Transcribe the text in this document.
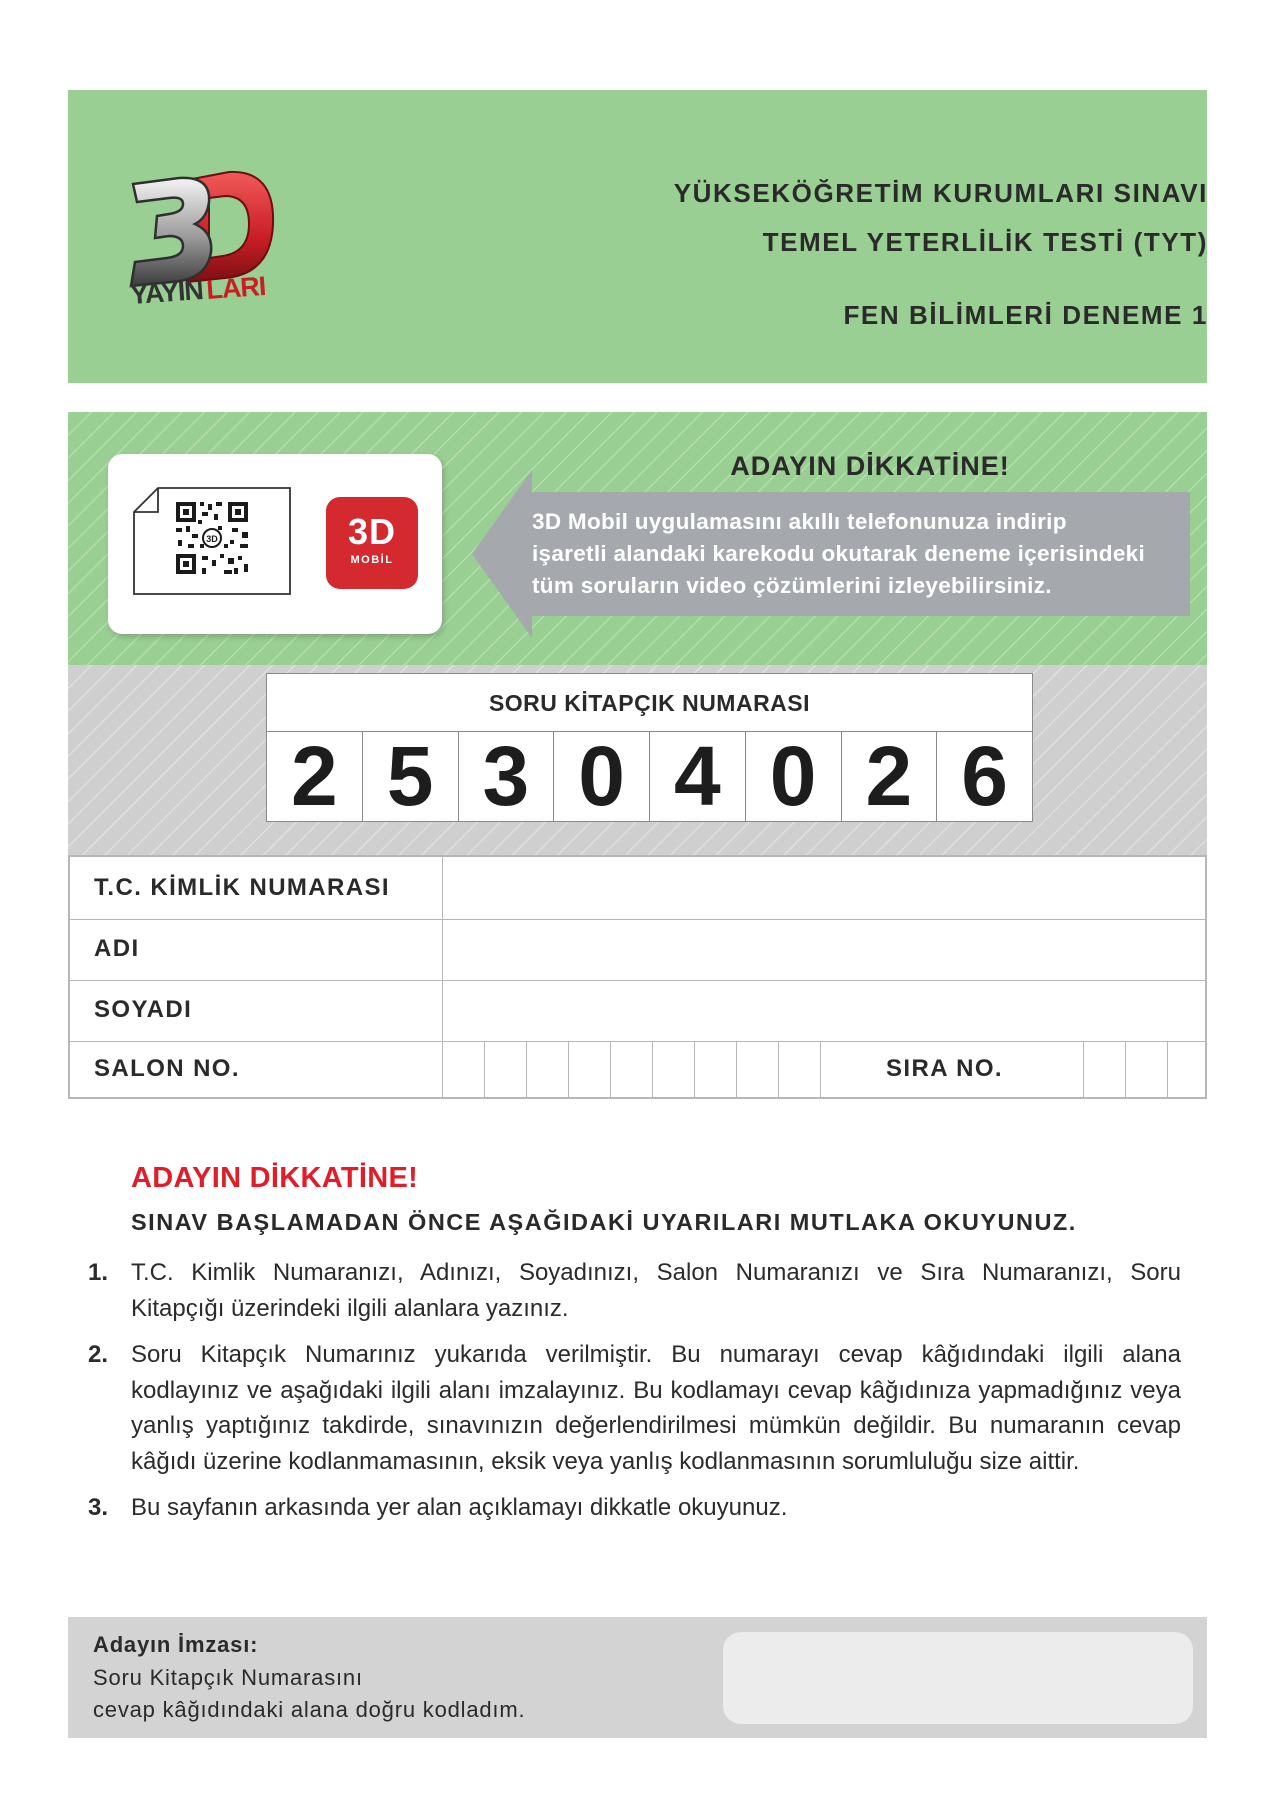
YÜKSEKÖĞRETİM KURUMLARI SINAVI
TEMEL YETERLİLİK TESTİ (TYT)
FEN BİLİMLERİ DENEME 1
YAYIN LARI
3D	3D
MOBİL
ADAYIN DİKKATİNE!
3D Mobil uygulamasını akıllı telefonunuza indirip
işaretli alandaki karekodu okutarak deneme içerisindeki
tüm soruların video çözümlerini izleyebilirsiniz.
SORU KİTAPÇIK NUMARASI
2 5 3 0 4 0 2 6
T.C. KİMLİK NUMARASI
ADI
SOYADI
SALON NO.	SIRA NO.
ADAYIN DİKKATİNE!
SINAV BAŞLAMADAN ÖNCE AŞAĞIDAKİ UYARILARI MUTLAKA OKUYUNUZ.
1. T.C. Kimlik Numaranızı, Adınızı, Soyadınızı, Salon Numaranızı ve Sıra Numaranızı, Soru
Kitapçığı üzerindeki ilgili alanlara yazınız.
2. Soru Kitapçık Numarınız yukarıda verilmiştir. Bu numarayı cevap kâğıdındaki ilgili alana
kodlayınız ve aşağıdaki ilgili alanı imzalayınız. Bu kodlamayı cevap kâğıdınıza yapmadığınız veya
yanlış yaptığınız takdirde, sınavınızın değerlendirilmesi mümkün değildir. Bu numaranın cevap
kâğıdı üzerine kodlanmamasının, eksik veya yanlış kodlanmasının sorumluluğu size aittir.
3. Bu sayfanın arkasında yer alan açıklamayı dikkatle okuyunuz.
Adayın İmzası:
Soru Kitapçık Numarasını
cevap kâğıdındaki alana doğru kodladım.
